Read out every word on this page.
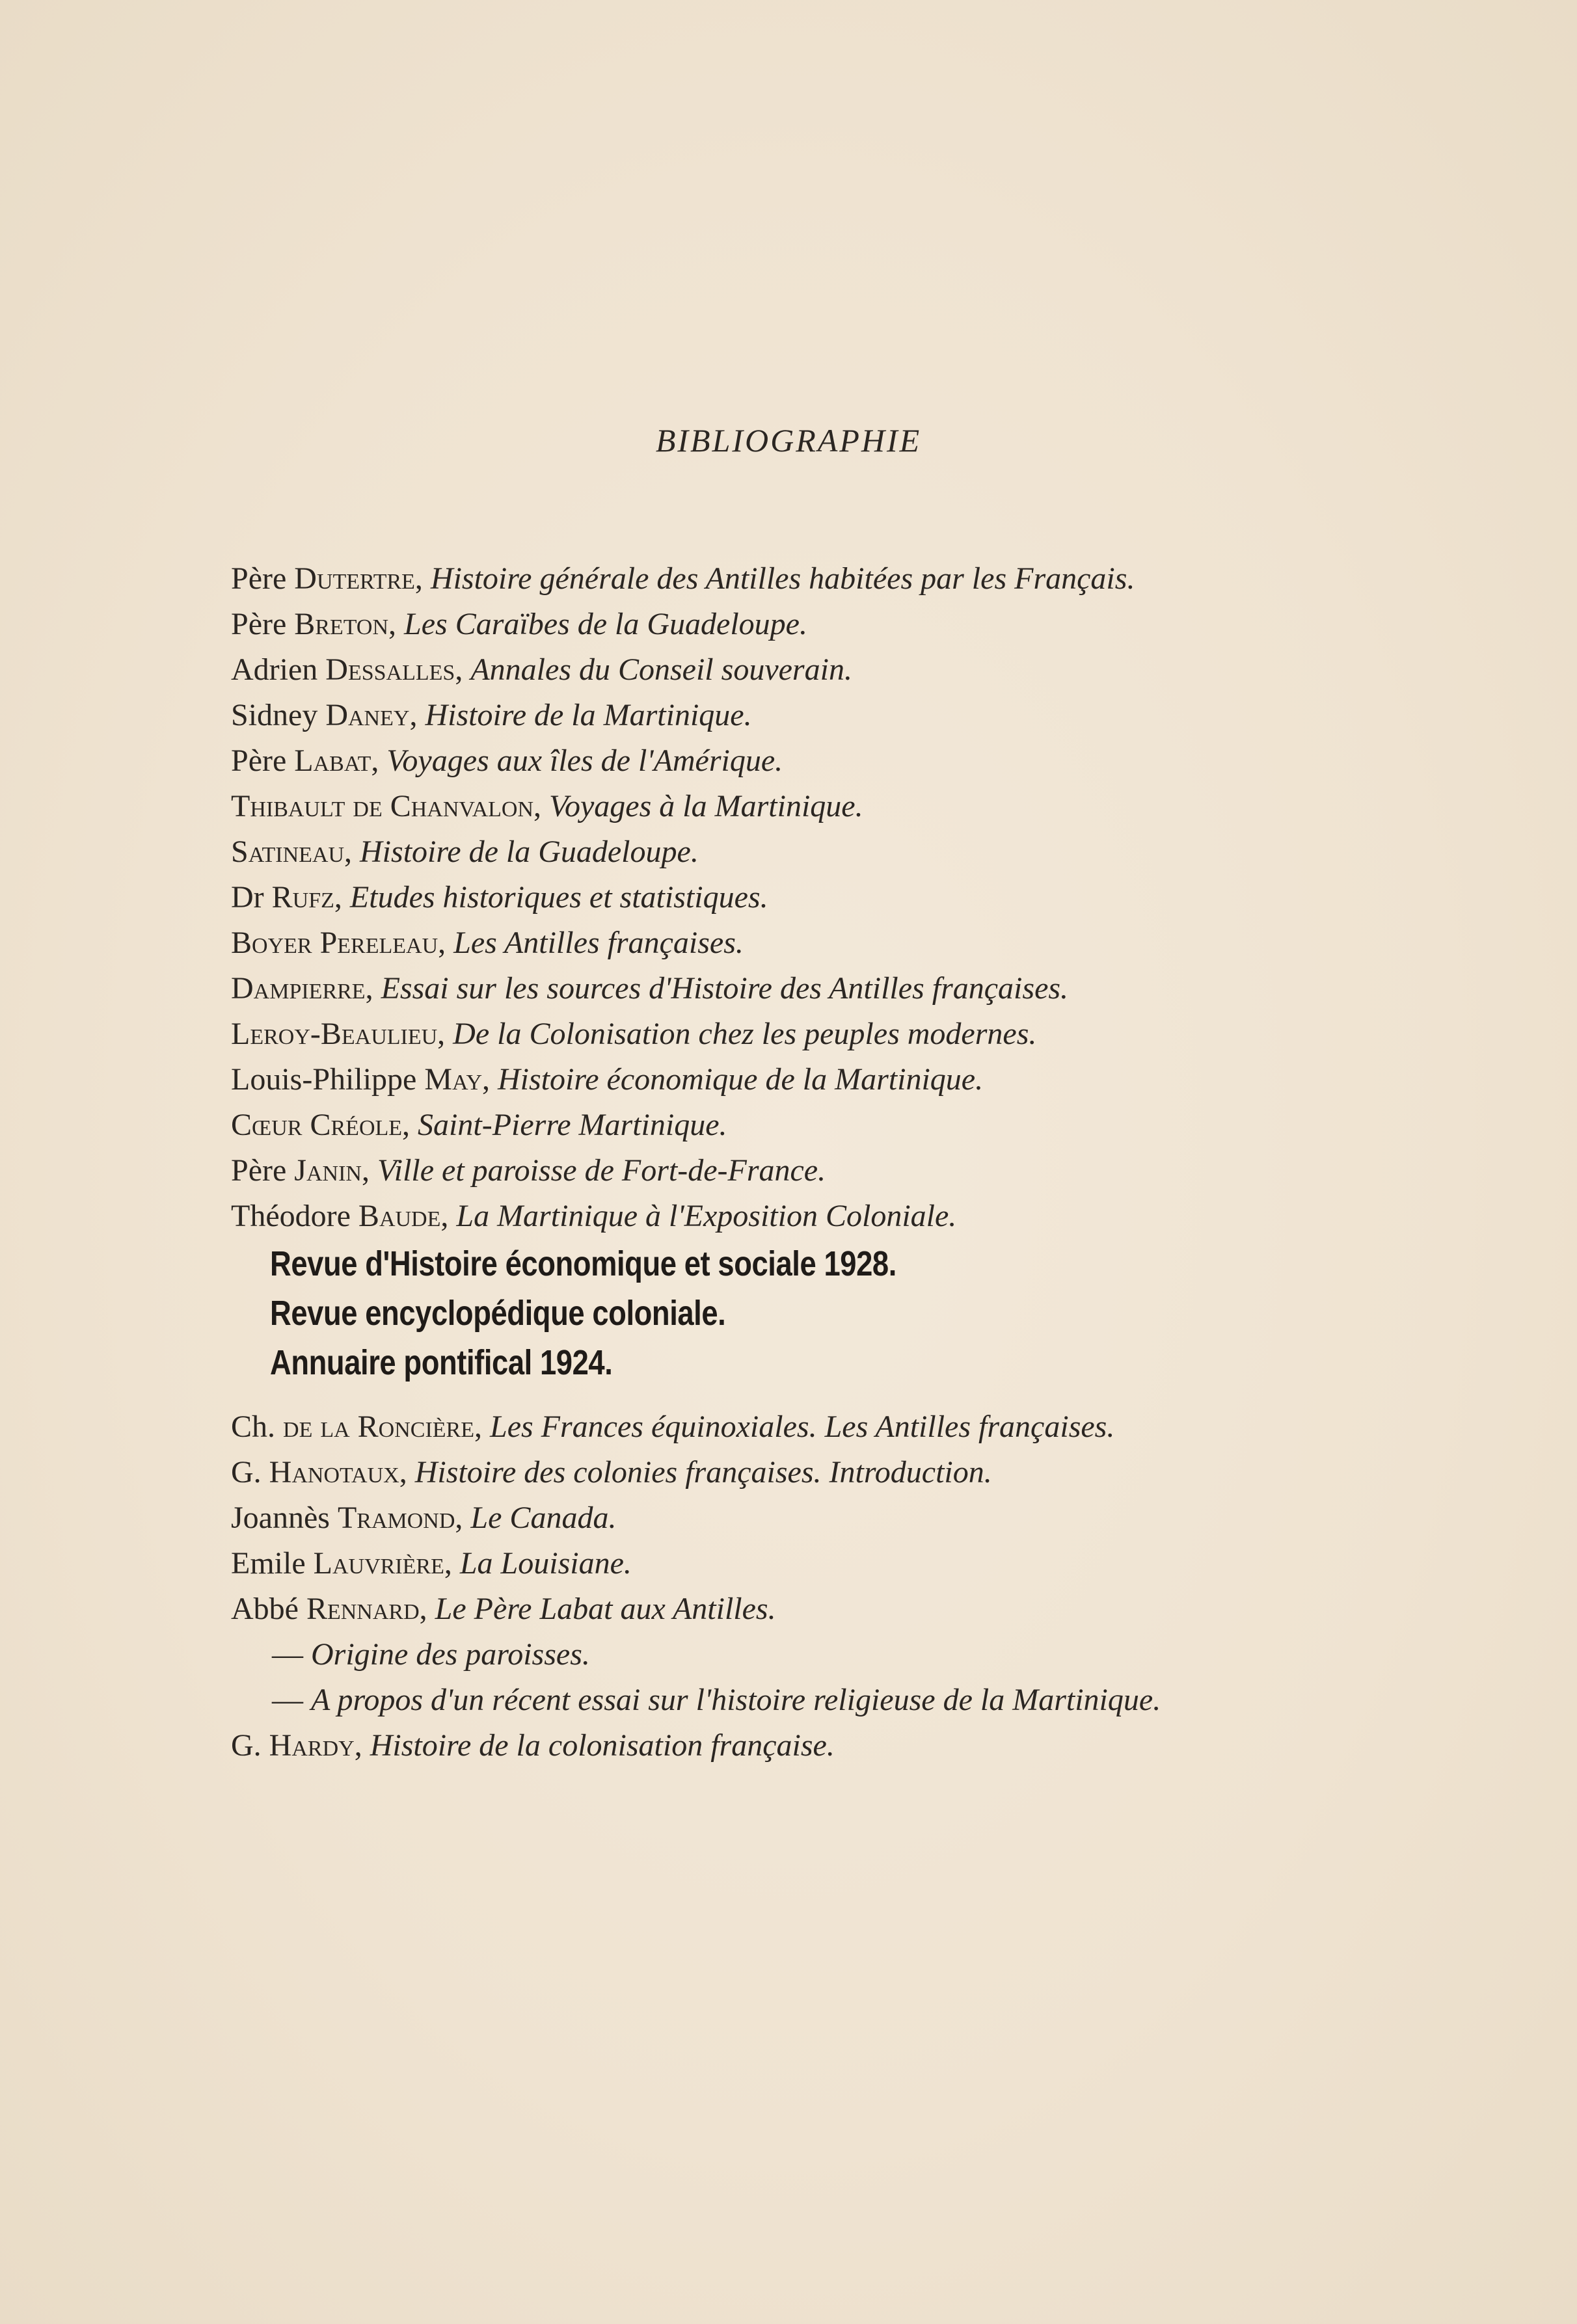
BIBLIOGRAPHIE

Père Dutertre, Histoire générale des Antilles habitées par les Français.

Père Breton, Les Caraïbes de la Guadeloupe.

Adrien Dessalles, Annales du Conseil souverain.

Sidney Daney, Histoire de la Martinique.

Père Labat, Voyages aux îles de l'Amérique.

Thibault de Chanvalon, Voyages à la Martinique.

Satineau, Histoire de la Guadeloupe.

Dr Rufz, Etudes historiques et statistiques.

Boyer Pereleau, Les Antilles françaises.

Dampierre, Essai sur les sources d'Histoire des Antilles françaises.

Leroy-Beaulieu, De la Colonisation chez les peuples modernes.

Louis-Philippe May, Histoire économique de la Martinique.

Cœur Créole, Saint-Pierre Martinique.

Père Janin, Ville et paroisse de Fort-de-France.

Théodore Baude, La Martinique à l'Exposition Coloniale.

Revue d'Histoire économique et sociale 1928.
Revue encyclopédique coloniale.
Annuaire pontifical 1924.

Ch. de la Roncière, Les Frances équinoxiales. Les Antilles françaises.

G. Hanotaux, Histoire des colonies françaises. Introduction.

Joannès Tramond, Le Canada.

Emile Lauvrière, La Louisiane.

Abbé Rennard, Le Père Labat aux Antilles.

— Origine des paroisses.

— A propos d'un récent essai sur l'histoire religieuse de la Martinique.

G. Hardy, Histoire de la colonisation française.
